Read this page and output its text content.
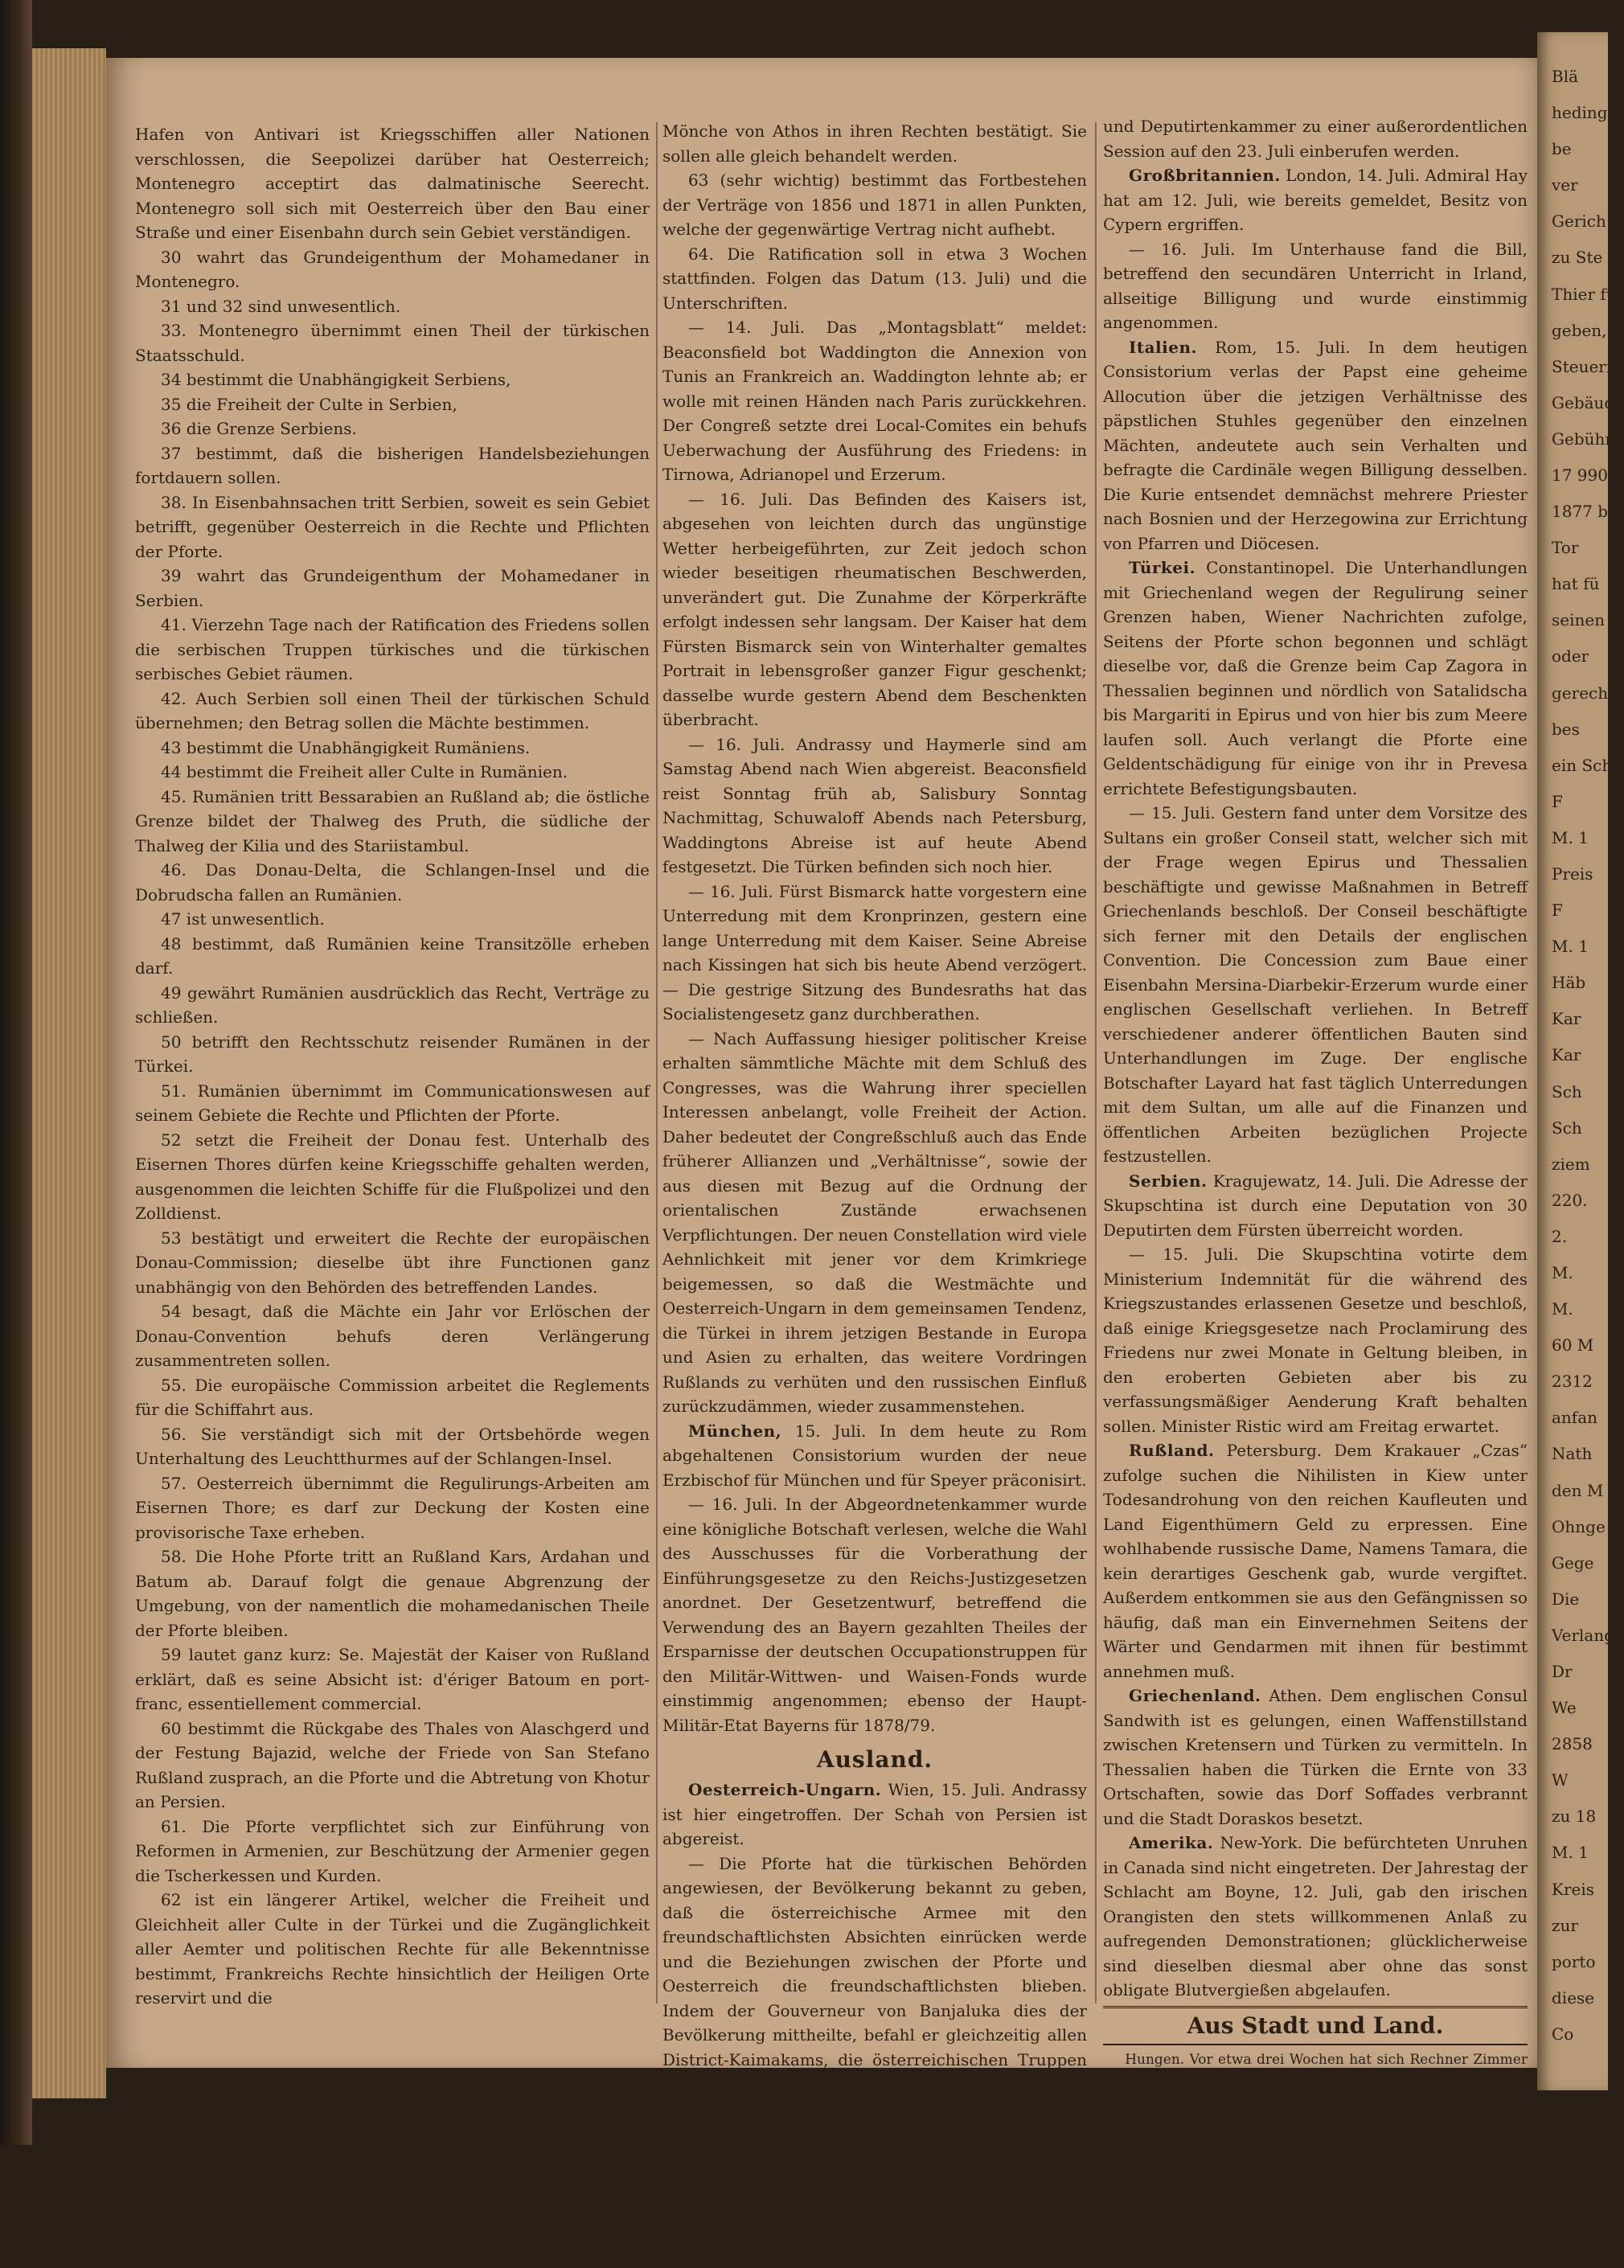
Hafen von Antivari ist Kriegsschiffen aller Nationen verschlossen, die Seepolizei darüber hat Oesterreich; Montenegro acceptirt das dalmatinische Seerecht. Montenegro soll sich mit Oesterreich über den Bau einer Straße und einer Eisenbahn durch sein Gebiet verständigen.

30 wahrt das Grundeigenthum der Mohamedaner in Montenegro.

31 und 32 sind unwesentlich.

33. Montenegro übernimmt einen Theil der türkischen Staatsschuld.

34 bestimmt die Unabhängigkeit Serbiens,

35 die Freiheit der Culte in Serbien,

36 die Grenze Serbiens.

37 bestimmt, daß die bisherigen Handelsbeziehungen fortdauern sollen.

38. In Eisenbahnsachen tritt Serbien, soweit es sein Gebiet betrifft, gegenüber Oesterreich in die Rechte und Pflichten der Pforte.

39 wahrt das Grundeigenthum der Mohamedaner in Serbien.

41. Vierzehn Tage nach der Ratification des Friedens sollen die serbischen Truppen türkisches und die türkischen serbisches Gebiet räumen.

42. Auch Serbien soll einen Theil der türkischen Schuld übernehmen; den Betrag sollen die Mächte bestimmen.

43 bestimmt die Unabhängigkeit Rumäniens.

44 bestimmt die Freiheit aller Culte in Rumänien.

45. Rumänien tritt Bessarabien an Rußland ab; die östliche Grenze bildet der Thalweg des Pruth, die südliche der Thalweg der Kilia und des Stariistambul.

46. Das Donau-Delta, die Schlangen-Insel und die Dobrudscha fallen an Rumänien.

47 ist unwesentlich.

48 bestimmt, daß Rumänien keine Transitzölle erheben darf.

49 gewährt Rumänien ausdrücklich das Recht, Verträge zu schließen.

50 betrifft den Rechtsschutz reisender Rumänen in der Türkei.

51. Rumänien übernimmt im Communicationswesen auf seinem Gebiete die Rechte und Pflichten der Pforte.

52 setzt die Freiheit der Donau fest. Unterhalb des Eisernen Thores dürfen keine Kriegsschiffe gehalten werden, ausgenommen die leichten Schiffe für die Flußpolizei und den Zolldienst.

53 bestätigt und erweitert die Rechte der europäischen Donau-Commission; dieselbe übt ihre Functionen ganz unabhängig von den Behörden des betreffenden Landes.

54 besagt, daß die Mächte ein Jahr vor Erlöschen der Donau-Convention behufs deren Verlängerung zusammentreten sollen.

55. Die europäische Commission arbeitet die Reglements für die Schiffahrt aus.

56. Sie verständigt sich mit der Ortsbehörde wegen Unterhaltung des Leuchtthurmes auf der Schlangen-Insel.

57. Oesterreich übernimmt die Regulirungs-Arbeiten am Eisernen Thore; es darf zur Deckung der Kosten eine provisorische Taxe erheben.

58. Die Hohe Pforte tritt an Rußland Kars, Ardahan und Batum ab. Darauf folgt die genaue Abgrenzung der Umgebung, von der namentlich die mohamedanischen Theile der Pforte bleiben.

59 lautet ganz kurz: Se. Majestät der Kaiser von Rußland erklärt, daß es seine Absicht ist: d'ériger Batoum en port-franc, essentiellement commercial.

60 bestimmt die Rückgabe des Thales von Alaschgerd und der Festung Bajazid, welche der Friede von San Stefano Rußland zusprach, an die Pforte und die Abtretung von Khotur an Persien.

61. Die Pforte verpflichtet sich zur Einführung von Reformen in Armenien, zur Beschützung der Armenier gegen die Tscherkessen und Kurden.

62 ist ein längerer Artikel, welcher die Freiheit und Gleichheit aller Culte in der Türkei und die Zugänglichkeit aller Aemter und politischen Rechte für alle Bekenntnisse bestimmt, Frankreichs Rechte hinsichtlich der Heiligen Orte reservirt und die

Mönche von Athos in ihren Rechten bestätigt. Sie sollen alle gleich behandelt werden.

63 (sehr wichtig) bestimmt das Fortbestehen der Verträge von 1856 und 1871 in allen Punkten, welche der gegenwärtige Vertrag nicht aufhebt.

64. Die Ratification soll in etwa 3 Wochen stattfinden. Folgen das Datum (13. Juli) und die Unterschriften.

— 14. Juli. Das „Montagsblatt“ meldet: Beaconsfield bot Waddington die Annexion von Tunis an Frankreich an. Waddington lehnte ab; er wolle mit reinen Händen nach Paris zurückkehren. Der Congreß setzte drei Local-Comites ein behufs Ueberwachung der Ausführung des Friedens: in Tirnowa, Adrianopel und Erzerum.

— 16. Juli. Das Befinden des Kaisers ist, abgesehen von leichten durch das ungünstige Wetter herbeigeführten, zur Zeit jedoch schon wieder beseitigen rheumatischen Beschwerden, unverändert gut. Die Zunahme der Körperkräfte erfolgt indessen sehr langsam. Der Kaiser hat dem Fürsten Bismarck sein von Winterhalter gemaltes Portrait in lebensgroßer ganzer Figur geschenkt; dasselbe wurde gestern Abend dem Beschenkten überbracht.

— 16. Juli. Andrassy und Haymerle sind am Samstag Abend nach Wien abgereist. Beaconsfield reist Sonntag früh ab, Salisbury Sonntag Nachmittag, Schuwaloff Abends nach Petersburg, Waddingtons Abreise ist auf heute Abend festgesetzt. Die Türken befinden sich noch hier.

— 16. Juli. Fürst Bismarck hatte vorgestern eine Unterredung mit dem Kronprinzen, gestern eine lange Unterredung mit dem Kaiser. Seine Abreise nach Kissingen hat sich bis heute Abend verzögert. — Die gestrige Sitzung des Bundesraths hat das Socialistengesetz ganz durchberathen.

— Nach Auffassung hiesiger politischer Kreise erhalten sämmtliche Mächte mit dem Schluß des Congresses, was die Wahrung ihrer speciellen Interessen anbelangt, volle Freiheit der Action. Daher bedeutet der Congreßschluß auch das Ende früherer Allianzen und „Verhältnisse“, sowie der aus diesen mit Bezug auf die Ordnung der orientalischen Zustände erwachsenen Verpflichtungen. Der neuen Constellation wird viele Aehnlichkeit mit jener vor dem Krimkriege beigemessen, so daß die Westmächte und Oesterreich-Ungarn in dem gemeinsamen Tendenz, die Türkei in ihrem jetzigen Bestande in Europa und Asien zu erhalten, das weitere Vordringen Rußlands zu verhüten und den russischen Einfluß zurückzudämmen, wieder zusammenstehen.

München, 15. Juli. In dem heute zu Rom abgehaltenen Consistorium wurden der neue Erzbischof für München und für Speyer präconisirt.

— 16. Juli. In der Abgeordnetenkammer wurde eine königliche Botschaft verlesen, welche die Wahl des Ausschusses für die Vorberathung der Einführungsgesetze zu den Reichs-Justizgesetzen anordnet. Der Gesetzentwurf, betreffend die Verwendung des an Bayern gezahlten Theiles der Ersparnisse der deutschen Occupationstruppen für den Militär-Wittwen- und Waisen-Fonds wurde einstimmig angenommen; ebenso der Haupt-Militär-Etat Bayerns für 1878/79.

Ausland.

Oesterreich-Ungarn. Wien, 15. Juli. Andrassy ist hier eingetroffen. Der Schah von Persien ist abgereist.

— Die Pforte hat die türkischen Behörden angewiesen, der Bevölkerung bekannt zu geben, daß die österreichische Armee mit den freundschaftlichsten Absichten einrücken werde und die Beziehungen zwischen der Pforte und Oesterreich die freundschaftlichsten blieben. Indem der Gouverneur von Banjaluka dies der Bevölkerung mittheilte, befahl er gleichzeitig allen District-Kaimakams, die österreichischen Truppen durchaus freundschaftlich zu empfangen. Die Bevölkerung hat sich beruhigt. Auch die bosnischen Insurgenten sind trotz gegentheiliger Einflüsse geneigt, sich den Congreß-Beschlüssen und dem österreichischen Occupations-Commando zu unterwerfen.

Belgien. Brüssel. Der „Moniteur“ veröffentlicht einen Erlaß des Königs, wodurch Senat

und Deputirtenkammer zu einer außerordentlichen Session auf den 23. Juli einberufen werden.

Großbritannien. London, 14. Juli. Admiral Hay hat am 12. Juli, wie bereits gemeldet, Besitz von Cypern ergriffen.

— 16. Juli. Im Unterhause fand die Bill, betreffend den secundären Unterricht in Irland, allseitige Billigung und wurde einstimmig angenommen.

Italien. Rom, 15. Juli. In dem heutigen Consistorium verlas der Papst eine geheime Allocution über die jetzigen Verhältnisse des päpstlichen Stuhles gegenüber den einzelnen Mächten, andeutete auch sein Verhalten und befragte die Cardinäle wegen Billigung desselben. Die Kurie entsendet demnächst mehrere Priester nach Bosnien und der Herzegowina zur Errichtung von Pfarren und Diöcesen.

Türkei. Constantinopel. Die Unterhandlungen mit Griechenland wegen der Regulirung seiner Grenzen haben, Wiener Nachrichten zufolge, Seitens der Pforte schon begonnen und schlägt dieselbe vor, daß die Grenze beim Cap Zagora in Thessalien beginnen und nördlich von Satalidscha bis Margariti in Epirus und von hier bis zum Meere laufen soll. Auch verlangt die Pforte eine Geldentschädigung für einige von ihr in Prevesa errichtete Befestigungsbauten.

— 15. Juli. Gestern fand unter dem Vorsitze des Sultans ein großer Conseil statt, welcher sich mit der Frage wegen Epirus und Thessalien beschäftigte und gewisse Maßnahmen in Betreff Griechenlands beschloß. Der Conseil beschäftigte sich ferner mit den Details der englischen Convention. Die Concession zum Baue einer Eisenbahn Mersina-Diarbekir-Erzerum wurde einer englischen Gesellschaft verliehen. In Betreff verschiedener anderer öffentlichen Bauten sind Unterhandlungen im Zuge. Der englische Botschafter Layard hat fast täglich Unterredungen mit dem Sultan, um alle auf die Finanzen und öffentlichen Arbeiten bezüglichen Projecte festzustellen.

Serbien. Kragujewatz, 14. Juli. Die Adresse der Skupschtina ist durch eine Deputation von 30 Deputirten dem Fürsten überreicht worden.

— 15. Juli. Die Skupschtina votirte dem Ministerium Indemnität für die während des Kriegszustandes erlassenen Gesetze und beschloß, daß einige Kriegsgesetze nach Proclamirung des Friedens nur zwei Monate in Geltung bleiben, in den eroberten Gebieten aber bis zu verfassungsmäßiger Aenderung Kraft behalten sollen. Minister Ristic wird am Freitag erwartet.

Rußland. Petersburg. Dem Krakauer „Czas“ zufolge suchen die Nihilisten in Kiew unter Todesandrohung von den reichen Kaufleuten und Land Eigenthümern Geld zu erpressen. Eine wohlhabende russische Dame, Namens Tamara, die kein derartiges Geschenk gab, wurde vergiftet. Außerdem entkommen sie aus den Gefängnissen so häufig, daß man ein Einvernehmen Seitens der Wärter und Gendarmen mit ihnen für bestimmt annehmen muß.

Griechenland. Athen. Dem englischen Consul Sandwith ist es gelungen, einen Waffenstillstand zwischen Kretensern und Türken zu vermitteln. In Thessalien haben die Türken die Ernte von 33 Ortschaften, sowie das Dorf Soffades verbrannt und die Stadt Doraskos besetzt.

Amerika. New-York. Die befürchteten Unruhen in Canada sind nicht eingetreten. Der Jahrestag der Schlacht am Boyne, 12. Juli, gab den irischen Orangisten den stets willkommenen Anlaß zu aufregenden Demonstrationen; glücklicherweise sind dieselben diesmal aber ohne das sonst obligate Blutvergießen abgelaufen.

Aus Stadt und Land.

Hungen. Vor etwa drei Wochen hat sich Rechner Zimmer von Nonnenroth entfernt und ist dessen Aufenthalt noch nicht ermittelt worden. Bei Vornahme seiner Kassenrevision soll das Gericht noch einen Baarvorrath von ca. 600 Mark gefunden haben, auch ist festgestellt, daß er 1700 Mark für seinen Wegzehr von einer Gemeindeschuld von 1800 Mark abgetragen hat. Vermuthlich hat das Drängen eines Wechselgläubigers den Mann zu dem schweren Schritt veranlaßt, seine Familie zu verlassen.

Blä
hedingu
be
ver
Gerich
zu Ste
Thier fü
geben,
Steuern
Gebäude
Gebühr
17 990 2
1877 be
Tor
hat fü
seinen E
oder
gerecht
bes
ein Scha
F
M. 1
Preis
F
M. 1
Häb
Kar
Kar
Sch
Sch
ziem
220.
2.
M.
M.
60 M
2312
anfan
Nath
den M
Ohnge
Gege
Die
Verlang
Dr
We
2858
W
zu 18
M. 1
Kreis
zur
porto
diese
Co
